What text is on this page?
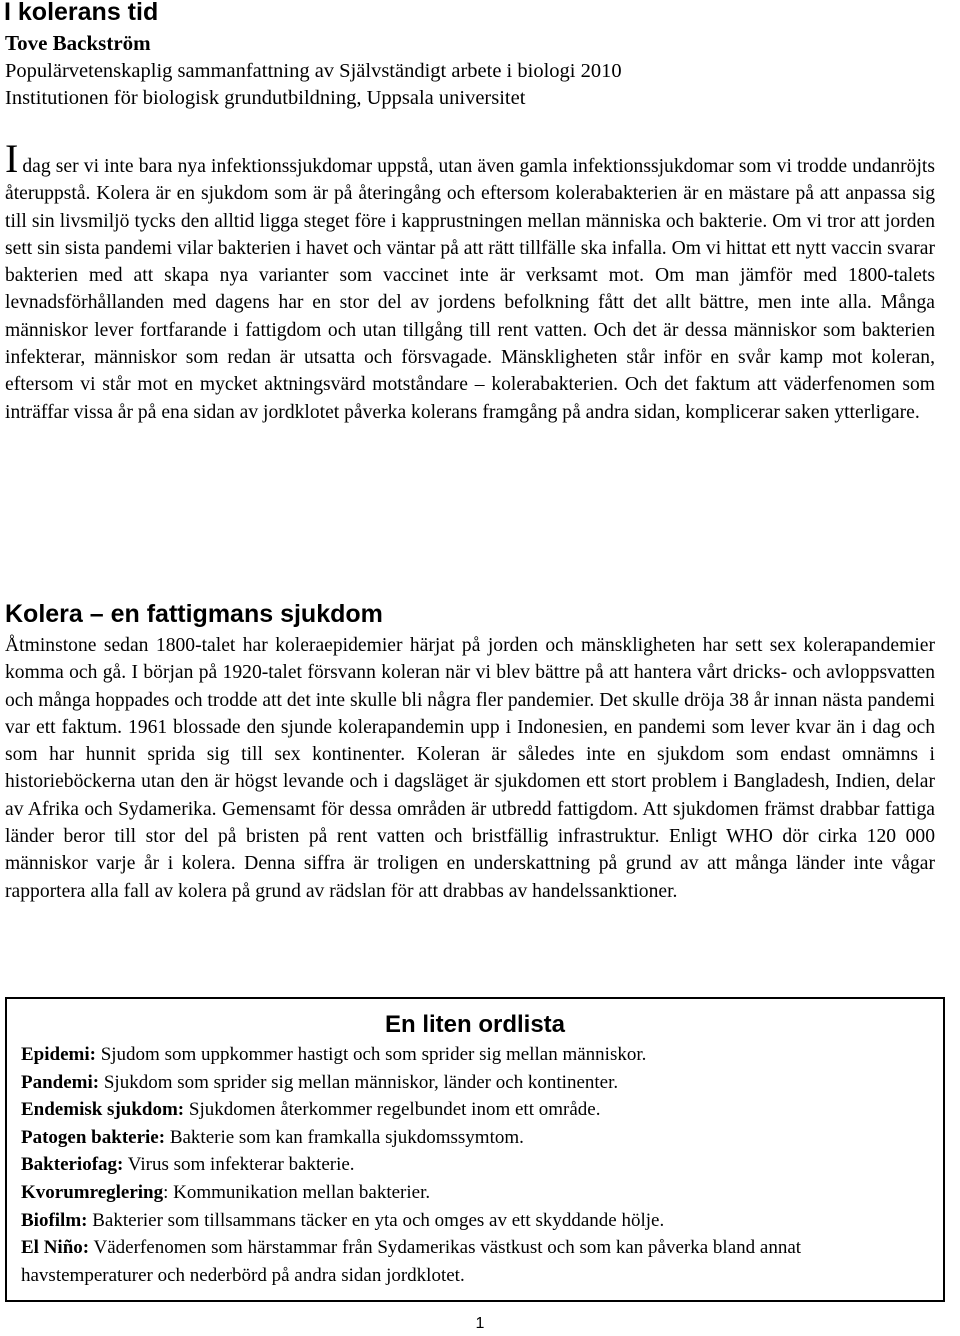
I kolerans tid
Tove Backström
Populärvetenskaplig sammanfattning av Självständigt arbete i biologi 2010
Institutionen för biologisk grundutbildning, Uppsala universitet

Idag ser vi inte bara nya infektionssjukdomar uppstå, utan även gamla infektionssjukdomar som vi trodde undanröjts återuppstå. Kolera är en sjukdom som är på återingång och eftersom kolerabakterien är en mästare på att anpassa sig till sin livsmiljö tycks den alltid ligga steget före i kapprustningen mellan människa och bakterie. Om vi tror att jorden sett sin sista pandemi vilar bakterien i havet och väntar på att rätt tillfälle ska infalla. Om vi hittat ett nytt vaccin svarar bakterien med att skapa nya varianter som vaccinet inte är verksamt mot. Om man jämför med 1800-talets levnadsförhållanden med dagens har en stor del av jordens befolkning fått det allt bättre, men inte alla. Många människor lever fortfarande i fattigdom och utan tillgång till rent vatten. Och det är dessa människor som bakterien infekterar, människor som redan är utsatta och försvagade. Mänskligheten står inför en svår kamp mot koleran, eftersom vi står mot en mycket aktningsvärd motståndare – kolerabakterien. Och det faktum att väderfenomen som inträffar vissa år på ena sidan av jordklotet påverka kolerans framgång på andra sidan, komplicerar saken ytterligare.

Kolera – en fattigmans sjukdom

Åtminstone sedan 1800-talet har koleraepidemier härjat på jorden och mänskligheten har sett sex kolerapandemier komma och gå. I början på 1920-talet försvann koleran när vi blev bättre på att hantera vårt dricks- och avloppsvatten och många hoppades och trodde att det inte skulle bli några fler pandemier. Det skulle dröja 38 år innan nästa pandemi var ett faktum. 1961 blossade den sjunde kolerapandemin upp i Indonesien, en pandemi som lever kvar än i dag och som har hunnit sprida sig till sex kontinenter. Koleran är således inte en sjukdom som endast omnämns i historieböckerna utan den är högst levande och i dagsläget är sjukdomen ett stort problem i Bangladesh, Indien, delar av Afrika och Sydamerika. Gemensamt för dessa områden är utbredd fattigdom. Att sjukdomen främst drabbar fattiga länder beror till stor del på bristen på rent vatten och bristfällig infrastruktur. Enligt WHO dör cirka 120 000 människor varje år i kolera. Denna siffra är troligen en underskattning på grund av att många länder inte vågar rapportera alla fall av kolera på grund av rädslan för att drabbas av handelssanktioner.

En liten ordlista
Epidemi: Sjudom som uppkommer hastigt och som sprider sig mellan människor.
Pandemi: Sjukdom som sprider sig mellan människor, länder och kontinenter.
Endemisk sjukdom: Sjukdomen återkommer regelbundet inom ett område.
Patogen bakterie: Bakterie som kan framkalla sjukdomssymtom.
Bakteriofag: Virus som infekterar bakterie.
Kvorumreglering: Kommunikation mellan bakterier.
Biofilm: Bakterier som tillsammans täcker en yta och omges av ett skyddande hölje.
El Niño: Väderfenomen som härstammar från Sydamerikas västkust och som kan påverka bland annat havstemperaturer och nederbörd på andra sidan jordklotet.
1
